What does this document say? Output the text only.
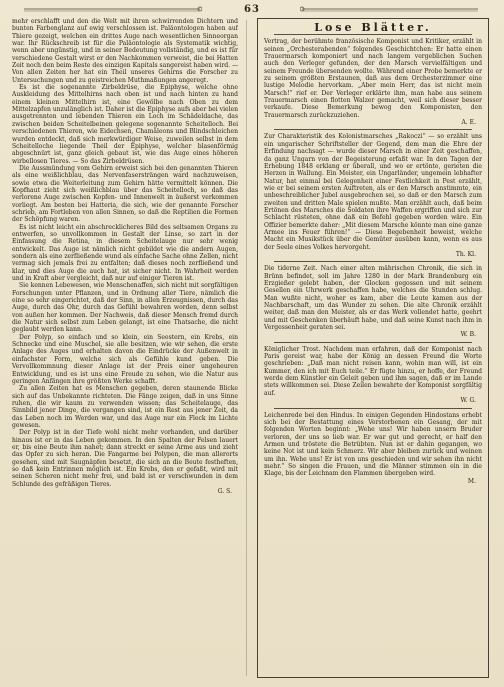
63

mehr erschlafft und den die Welt mit ihren schwirrenden Dichtern und bunten Farbenglanz auf ewig verschlossen ist. Paläontologen haben auf Thiere gezeigt, welchen ein drittes Auge nach wesentlichen Sinneorgan war. Ihr Rückschreib ist für die Paläontologie als Systematik wichtig, wenn aber ungünstig, und in seiner Bedeutung vollständig, und es ist für verschiedene Gestalt wirst er den Nachkommen verweist, die bei Hatten Zeit noch den beim Reste des einzigen Kapitals sangereist haben wird. — Von allen Zeiten her hat ein Theil unseres Gehirns die Forscher zu Untersuchungen und zu geistreichen Muthmaßungen angeregt.

Es ist die sogenannte Zirbeldrüse, die Epiphyse, welche ohne Auskleidung des Mittelhirns nach oben ist und nach hinten zu hand einem kleinen Mittelhirn ist, eine Gewölbe nach Oben zu dem Mittelzapfen unzulänglich ist. Daher ist die Epiphyse aufs aber bei vielen ausgetrennten und lebenden Thieren ein Loch im Schädeldache, das zwischen beiden Scheitelbeinen gelegene sogenannte Scheitelloch. Bei verschiedenen Thieren, wie Eidechsen, Chamäleons und Blindschleichen wurden entdeckt, daß sich merkwürdiger Weise, zuweilen selbst in dem Scheitelloche liegende Theil der Epiphyse, welcher blasenförmig abgeschnürt ist, ganz gleich gebaut ist, wie das Auge eines höheren wirbellosen Tieres. — So das Zirbeldrüsen.

Die Aussmündung vom Gehirn erweist sich bei den genannten Thieren als eine weißlichblau, das Nervenfasersträngen ward nachzuweisen, sowie etwa die Weiterleitung zum Gehirn hätte vermittelt können. Die Kopfhaut zieht sich weißlichblau über das Scheitelloch, so daß das verlorene Auge zwischen Kopfen- und Innenwelt in äußerst verkommen vorliegt. Am besten bei Hatteria, die sich, wie der genannte Forscher schrieb, am Fortleben von allen Sinnen, so daß die Reptilien die Formen der Schöpfung waren.

Es ist nicht leicht ein abschrecklicheres Bild des seltsamen Organs zu entwerfen, so unvollkommen in Gestalt der Linse, so zart in der Einfassung die Retina, in diesem Scheitelauge nur sehr wenig entwickelt. Das Auge ist nämlich nicht gebildet wie die andern Augen, sondern als eine zerfließende wund als einfache Sache ohne Zellen, nicht vermag sich jemals frei zu entfalten; daß dieses noch zerfließend und klar, und dies Auge die auch hat, ist sicher nicht. In Wahrheit werden und in Kraft aber vergleicht, daß nur auf einiger Tieren ist.

Sie kennen Lebewesen, wie Menschenaffen, sich nicht mit sorgfältigen Forschungen unter Pflanzen, und in Ordnung aller Tiere, nämlich die eine so sehr eingerichtet, daß der Sinn, in allen Erzeugnissen, durch das Auge, durch das Ohr, durch das Gefühl bewahren worden, denn selbst von außen her kommen. Der Nachweis, daß dieser Mensch fremd durch die Natur sich selbst zum Leben gelangt, ist eine Thatsache, die nicht geglaubt werden kann.

Der Polyp, so einfach und so klein, ein Seestern, ein Krebs, ein Schnecke und eine Muschel, sie alle besitzen, wie wir sehen, die erste Anlage des Auges und erhalten davon die Eindrücke der Außenwelt in einfachster Form, welche sich als Gefühle kund geben. Die Vervollkommnung dieser Anlage ist der Preis einer ungeheuren Entwicklung, und es ist uns eine Freude zu sehen, wie die Natur aus geringen Anfängen ihre größten Werke schafft.

Zu allen Zeiten hat es Menschen gegeben, deren staunende Blicke sich auf das Unbekannte richteten. Die Fänge zeigen, daß in uns Sinne ruhen, die wir kaum zu verwenden wissen; das Scheitelauge, das Sinnbild jener Dinge, die vergangen sind, ist ein Rest aus jener Zeit, da das Leben noch im Werden war, und das Auge nur ein Fleck im Lichte gewesen.

Der Polyp ist in der Tiefe wohl nicht mehr vorhanden, und darüber hinaus ist er in das Leben gekommen. In den Spalten der Felsen lauert er, bis eine Beute ihm nahet; dann streckt er seine Arme aus und zieht das Opfer zu sich heran. Die Fangarme bei Polypen, die man allerorts gesehen, sind mit Saugnäpfen besetzt, die sich an die Beute festheften, so daß kein Entrinnen möglich ist. Ein Krebs, den er gefaßt, wird mit seinen Scheren nicht mehr frei, und bald ist er verschwunden in dem Schlunde des gefräßigen Tieres.

G. S.
Lose Blätter.

Vertrag, der berühmte französische Komponist und Kritiker, erzählt in seinen „Orchesterabenden“ folgendes Geschichtchen: Er hatte einen Trauermarsch komponiert und nach langem vergeblichen Suchen auch den Verleger gefunden, der den Marsch vervielfältigen und seinem Freunde übersenden wollte. Während einer Probe bemerkte er zu seinem größten Erstaunen, daß aus dem Orchesterzimmer eine lustige Melodie hervorkam. „Aber mein Herr, das ist nicht mein Marsch!“ rief er. Der Verleger erklärte ihm, man habe aus seinem Trauermarsch einen flotten Walzer gemacht, weil sich dieser besser verkaufe. Diese Bemerkung bewog den Komponisten, den Trauermarsch zurückzuziehen.

A. E.

Zur Charakteristik des Kolonistmarsches „Rakoczi“ — so erzählt uns ein ungarischer Schriftsteller der Gegend, dem man die Ehre der Erfindung nachsagt — wurde dieser Marsch in einer Zeit geschaffen, da ganz Ungarn von der Begeisterung erfaßt war. In den Tagen der Erhebung 1848 erklang er überall, und wo er ertönte, gerieten die Herzen in Wallung. Ein Meister, ein Ungarländer, ungemein lebhafter Natur, hat einmal bei Gelegenheit einer Festlichkeit in Pest erzählt, wie er bei seinem ersten Auftreten, als er den Marsch anstimmte, ein unbeschreiblicher Jubel ausgebrochen sei, so daß er den Marsch zum zweiten und dritten Male spielen mußte. Man erzählt auch, daß beim Ertönen des Marsches die Soldaten ihre Waffen ergriffen und sich zur Schlacht rüsteten, ohne daß ein Befehl gegeben worden wäre. Ein Offizier bemerkte daher: „Mit diesem Marsche könnte man eine ganze Armee ins Feuer führen!“ — Diese Begebenheit beweist, welche Macht ein Musikstück über die Gemüter ausüben kann, wenn es aus der Seele eines Volkes hervorgeht.

Th. Kl.

Die tiderne Zeit. Nach einer alten mährischen Chronik, die sich in Brünn befindet, soll im Jahre 1280 in der Mark Brandenburg ein Erzgießer gelebt haben, der Glocken gegossen und mit seinem Gesellen ein Uhrwerk geschaffen habe, welches die Stunden schlug. Man wußte nicht, woher es kam, aber die Leute kamen aus der Nachbarschaft, um das Wunder zu sehen. Die alte Chronik erzählt weiter, daß man den Meister, als er das Werk vollendet hatte, geehrt und mit Geschenken überhäuft habe, und daß seine Kunst nach ihm in Vergessenheit geraten sei.

W. B.

Königlicher Trost. Nachdem man erfahren, daß der Komponist nach Paris gereist war, habe der König an dessen Freund die Worte geschrieben: „Daß man nicht reisen kann, wohin man will, ist ein Kummer, den ich mit Euch teile.“ Er fügte hinzu, er hoffe, der Freund werde dem Künstler ein Geleit geben und ihm sagen, daß er im Lande stets willkommen sei. Diese Zeilen bewahrte der Komponist sorgfältig auf.

W. G.

Leichenrede bei den Hindus. In einigen Gegenden Hindostans erhebt sich bei der Bestattung eines Verstorbenen ein Gesang, der mit folgenden Worten beginnt: „Wehe uns! Wir haben unsern Bruder verloren, der uns so lieb war. Er war gut und gerecht, er half den Armen und tröstete die Betrübten. Nun ist er dahin gegangen, wo keine Not ist und kein Schmerz. Wir aber bleiben zurück und weinen um ihn. Wehe uns! Er ist von uns geschieden und wir sehen ihn nicht mehr.“ So singen die Frauen, und die Männer stimmen ein in die Klage, bis der Leichnam den Flammen übergeben wird.

M.
